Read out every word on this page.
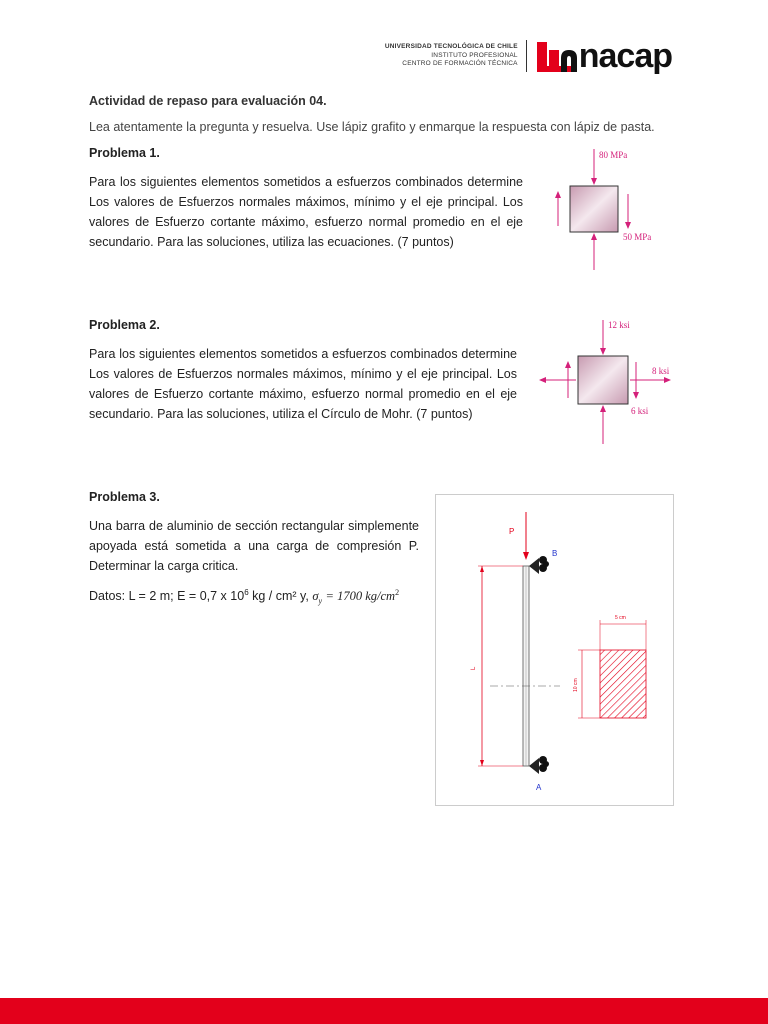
UNIVERSIDAD TECNOLÓGICA DE CHILE
INSTITUTO PROFESIONAL
CENTRO DE FORMACIÓN TÉCNICA nacap
Actividad de repaso para evaluación 04.
Lea atentamente la pregunta y resuelva. Use lápiz grafito y enmarque la respuesta con lápiz de pasta.
Problema 1.
Para los siguientes elementos sometidos a esfuerzos combinados determine Los valores de Esfuerzos normales máximos, mínimo y el eje principal. Los valores de Esfuerzo cortante máximo, esfuerzo normal promedio en el eje secundario. Para las soluciones, utiliza las ecuaciones. (7 puntos)
80 MPa
50 MPa
Problema 2.
Para los siguientes elementos sometidos a esfuerzos combinados determine Los valores de Esfuerzos normales máximos, mínimo y el eje principal. Los valores de Esfuerzo cortante máximo, esfuerzo normal promedio en el eje secundario. Para las soluciones, utiliza el Círculo de Mohr. (7 puntos)
12 ksi
8 ksi
6 ksi
Problema 3.
Una barra de aluminio de sección rectangular simplemente apoyada está sometida a una carga de compresión P. Determinar la carga critica.
Datos: L = 2 m; E = 0,7 x $10^6$ kg / cm² y, $\sigma_y = 1700$ $kg/cm^2$
P
B
A
L
5 cm
10 cm
